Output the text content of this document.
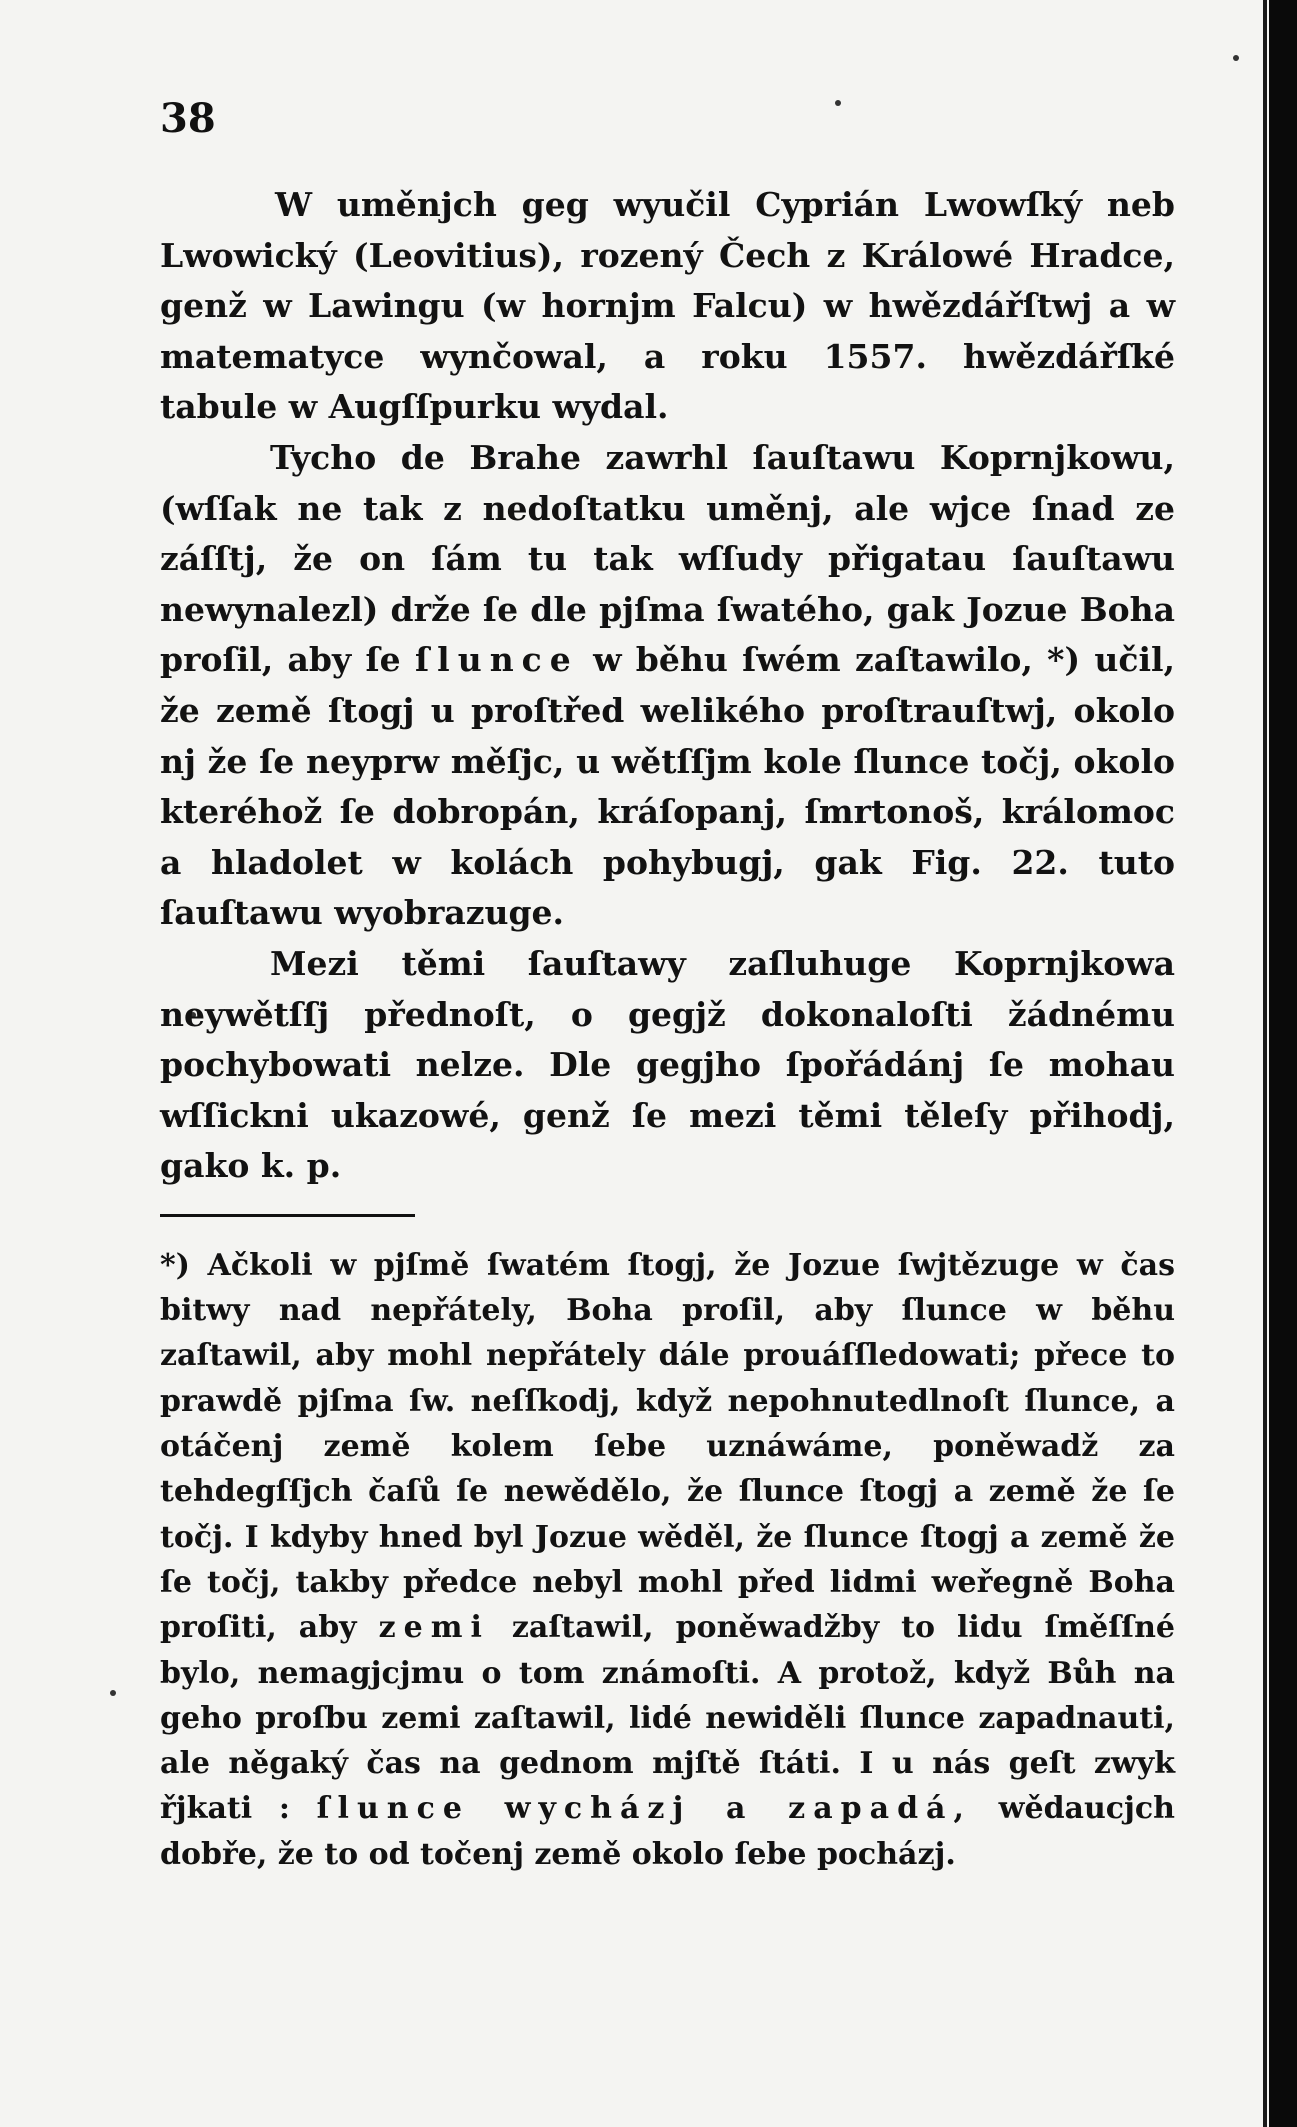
38

W uměnjch geg wyučil Cyprián Lwowſký neb Lwowický (Leovitius), rozený Čech z Králowé Hradce, genž w Lawingu (w hornjm Falcu) w hwězdářſtwj a w matematyce wynčowal, a roku 1557. hwězdářſké tabule w Augſſpurku wydal.

Tycho de Brahe zawrhl ſauſtawu Koprnjkowu, (wſſak ne tak z nedoſtatku uměnj, ale wjce ſnad ze záſſtj, že on ſám tu tak wſſudy přigatau ſauſtawu newynalezl) drže ſe dle pjſma ſwatého, gak Jozue Boha proſil, aby ſe ſlunce w běhu ſwém zaſtawilo, *) učil, že země ſtogj u proſtřed welikého proſtrauſtwj, okolo nj že ſe neyprw měſjc, u wětſſjm kole ſlunce točj, okolo kteréhož ſe dobropán, kráſopanj, ſmrtonoš, králomoc a hladolet w kolách pohybugj, gak Fig. 22. tuto ſauſtawu wyobrazuge.

Mezi těmi ſauſtawy zaſluhuge Koprnjkowa neywětſſj přednoſt, o gegjž dokonaloſti žádnému pochybowati nelze. Dle gegjho ſpořádánj ſe mohau wſſickni ukazowé, genž ſe mezi těmi těleſy přihodj, gako k. p.

*) Ačkoli w pjſmě ſwatém ſtogj, že Jozue ſwjtězuge w čas bitwy nad nepřátely, Boha proſil, aby ſlunce w běhu zaſtawil, aby mohl nepřátely dále prouáſſledowati; přece to prawdě pjſma ſw. neſſkodj, když nepohnutedlnoſt ſlunce, a otáčenj země kolem ſebe uznáwáme, poněwadž za tehdegſſjch čaſů ſe newědělo, že ſlunce ſtogj a země že ſe točj. I kdyby hned byl Jozue wěděl, že ſlunce ſtogj a země že ſe točj, takby předce nebyl mohl před lidmi weřegně Boha proſiti, aby zemi zaſtawil, poněwadžby to lidu ſměſſné bylo, nemagjcjmu o tom známoſti. A protož, když Bůh na geho proſbu zemi zaſtawil, lidé newiděli ſlunce zapadnauti, ale něgaký čas na gednom mjſtě ſtáti. I u nás geſt zwyk řjkati : ſlunce wycházj a zapadá, wědaucjch dobře, že to od točenj země okolo ſebe pocházj.
